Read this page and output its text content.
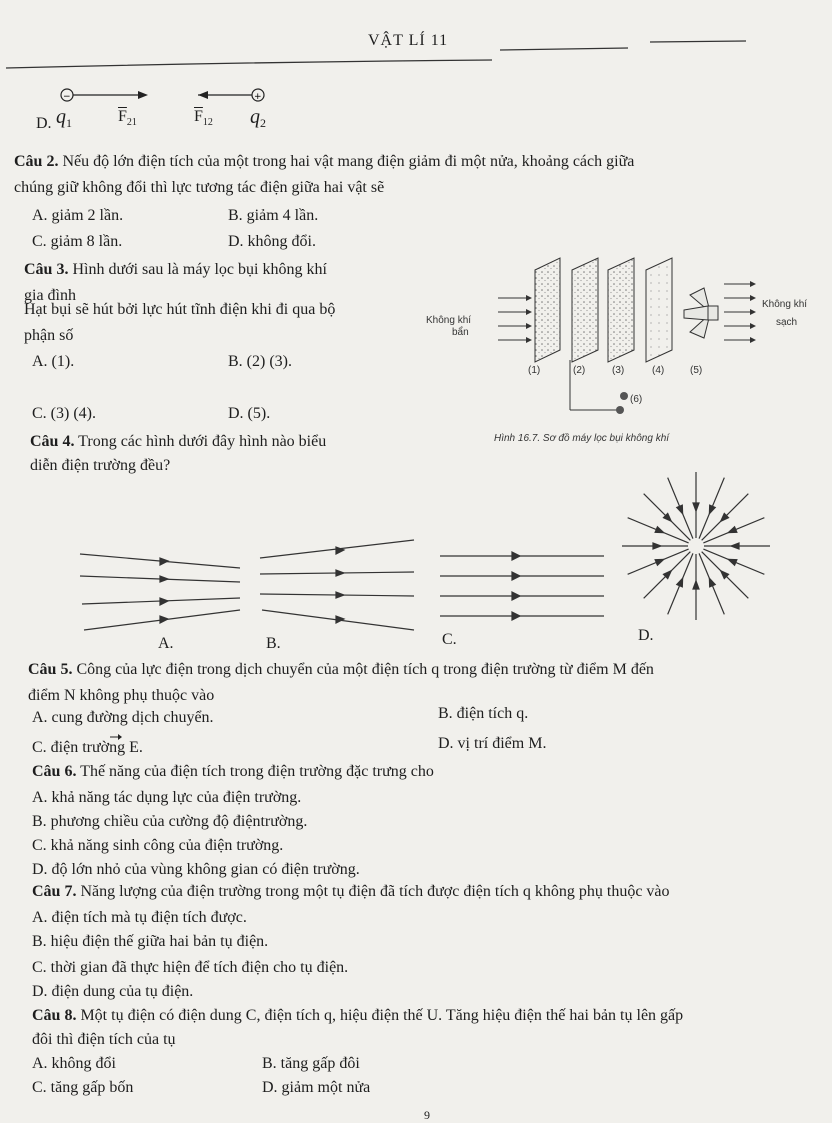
VẬT LÍ 11
D.
−	+
$q_1$	$\overline{F}_{21}$	$\overline{F}_{12}$ $q_2$
Câu 2. Nếu độ lớn điện tích của một trong hai vật mang điện giảm đi một nửa, khoảng cách giữa
chúng giữ không đổi thì lực tương tác điện giữa hai vật sẽ
A. giảm 2 lần.	B. giảm 4 lần.
C. giảm 8 lần.	D. không đổi.
Câu 3. Hình dưới sau là máy lọc bụi không khí
gia đình
Hạt bụi sẽ hút bởi lực hút tĩnh điện khi đi qua bộ
phận số
A. (1).	B. (2) (3).
C. (3) (4).	D. (5).
Không khí
bẩn
Không khí
sạch
(1)	(2)	(3)	(4)	(5)
(6)
Hình 16.7. Sơ đồ máy lọc bụi không khí
Câu 4. Trong các hình dưới đây hình nào biểu
diễn điện trường đều?
A.	B.	C.	D.
Câu 5. Công của lực điện trong dịch chuyển của một điện tích q trong điện trường từ điểm M đến
điểm N không phụ thuộc vào
A. cung đường dịch chuyển.	B. điện tích q.
C. điện trường E.	D. vị trí điểm M.
Câu 6. Thế năng của điện tích trong điện trường đặc trưng cho
A. khả năng tác dụng lực của điện trường.
B. phương chiều của cường độ điệntrường.
C. khả năng sinh công của điện trường.
D. độ lớn nhỏ của vùng không gian có điện trường.
Câu 7. Năng lượng của điện trường trong một tụ điện đã tích được điện tích q không phụ thuộc vào
A. điện tích mà tụ điện tích được.
B. hiệu điện thế giữa hai bản tụ điện.
C. thời gian đã thực hiện để tích điện cho tụ điện.
D. điện dung của tụ điện.
Câu 8. Một tụ điện có điện dung C, điện tích q, hiệu điện thế U. Tăng hiệu điện thế hai bản tụ lên gấp
đôi thì điện tích của tụ
A. không đổi	B. tăng gấp đôi
C. tăng gấp bốn	D. giảm một nửa
9
